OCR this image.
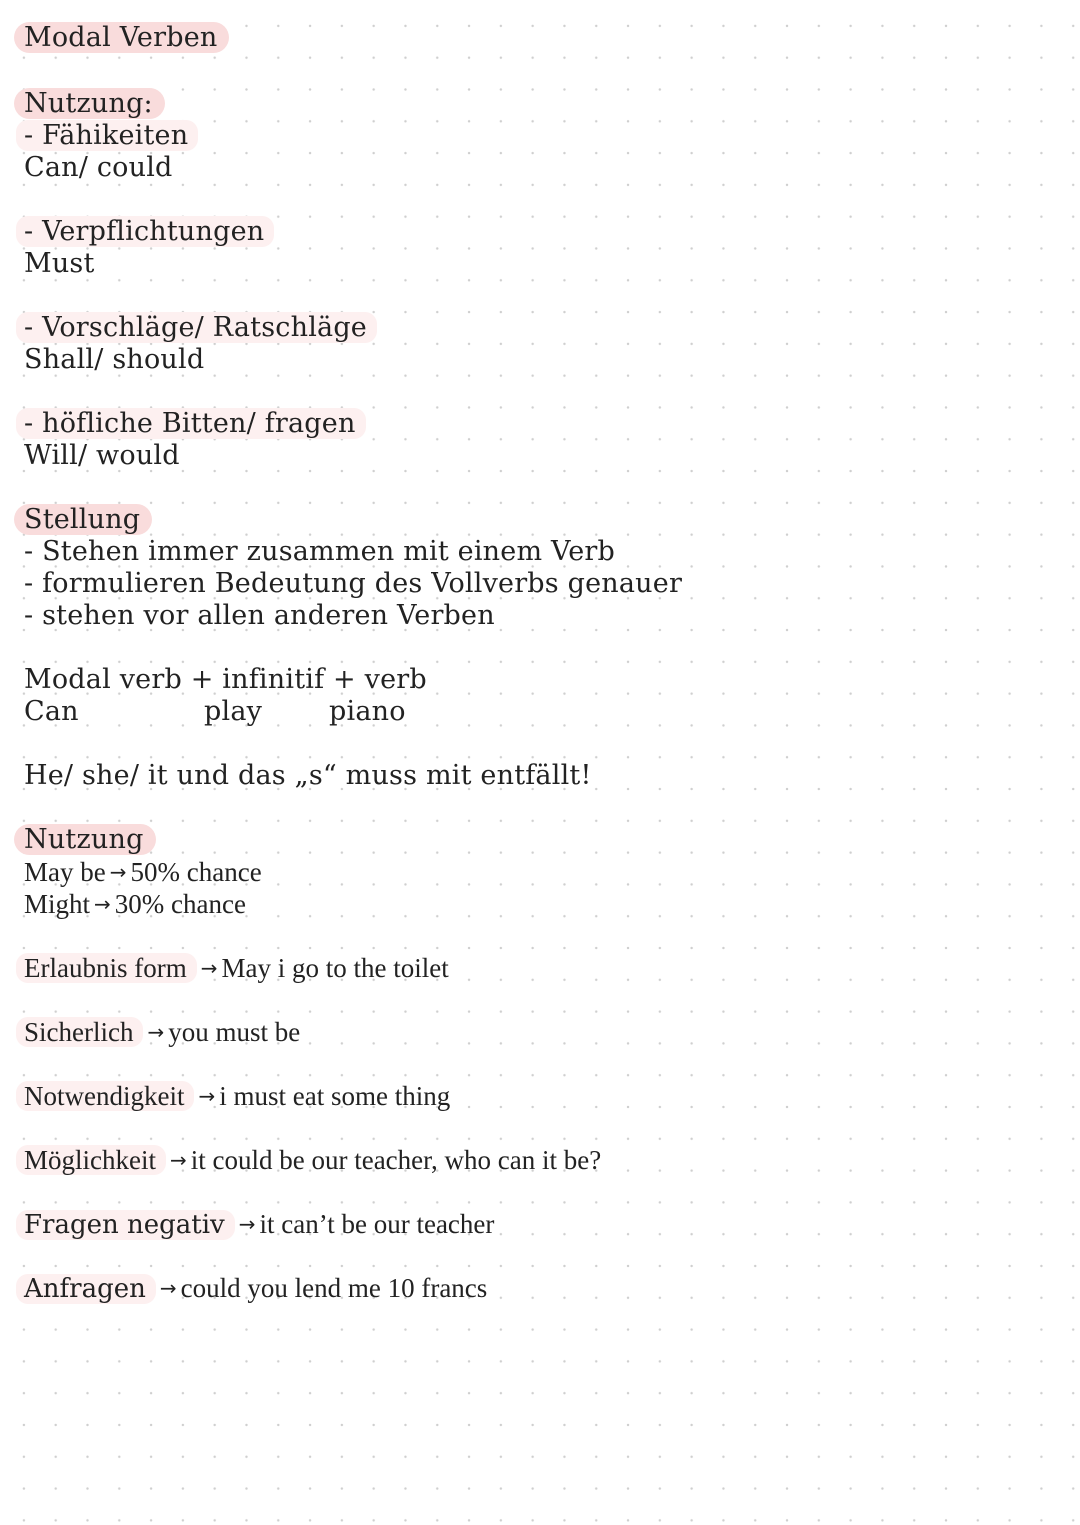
Modal Verben
Nutzung:
- Fähikeiten
Can/ could
- Verpflichtungen
Must
- Vorschläge/ Ratschläge
Shall/ should
- höfliche Bitten/ fragen
Will/ would
Stellung
- Stehen immer zusammen mit einem Verb
- formulieren Bedeutung des Vollverbs genauer
- stehen vor allen anderen Verben
Modal verb + infinitif + verb
Can	play piano
He/ she/ it und das „s“ muss mit entfällt!
Nutzung
May be → 50% chance
Might → 30% chance
Erlaubnis form → May i go to the toilet
Sicherlich → you must be
Notwendigkeit → i must eat some thing
Möglichkeit → it could be our teacher, who can it be?
Fragen negativ → it can’t be our teacher
Anfragen → could you lend me 10 francs
